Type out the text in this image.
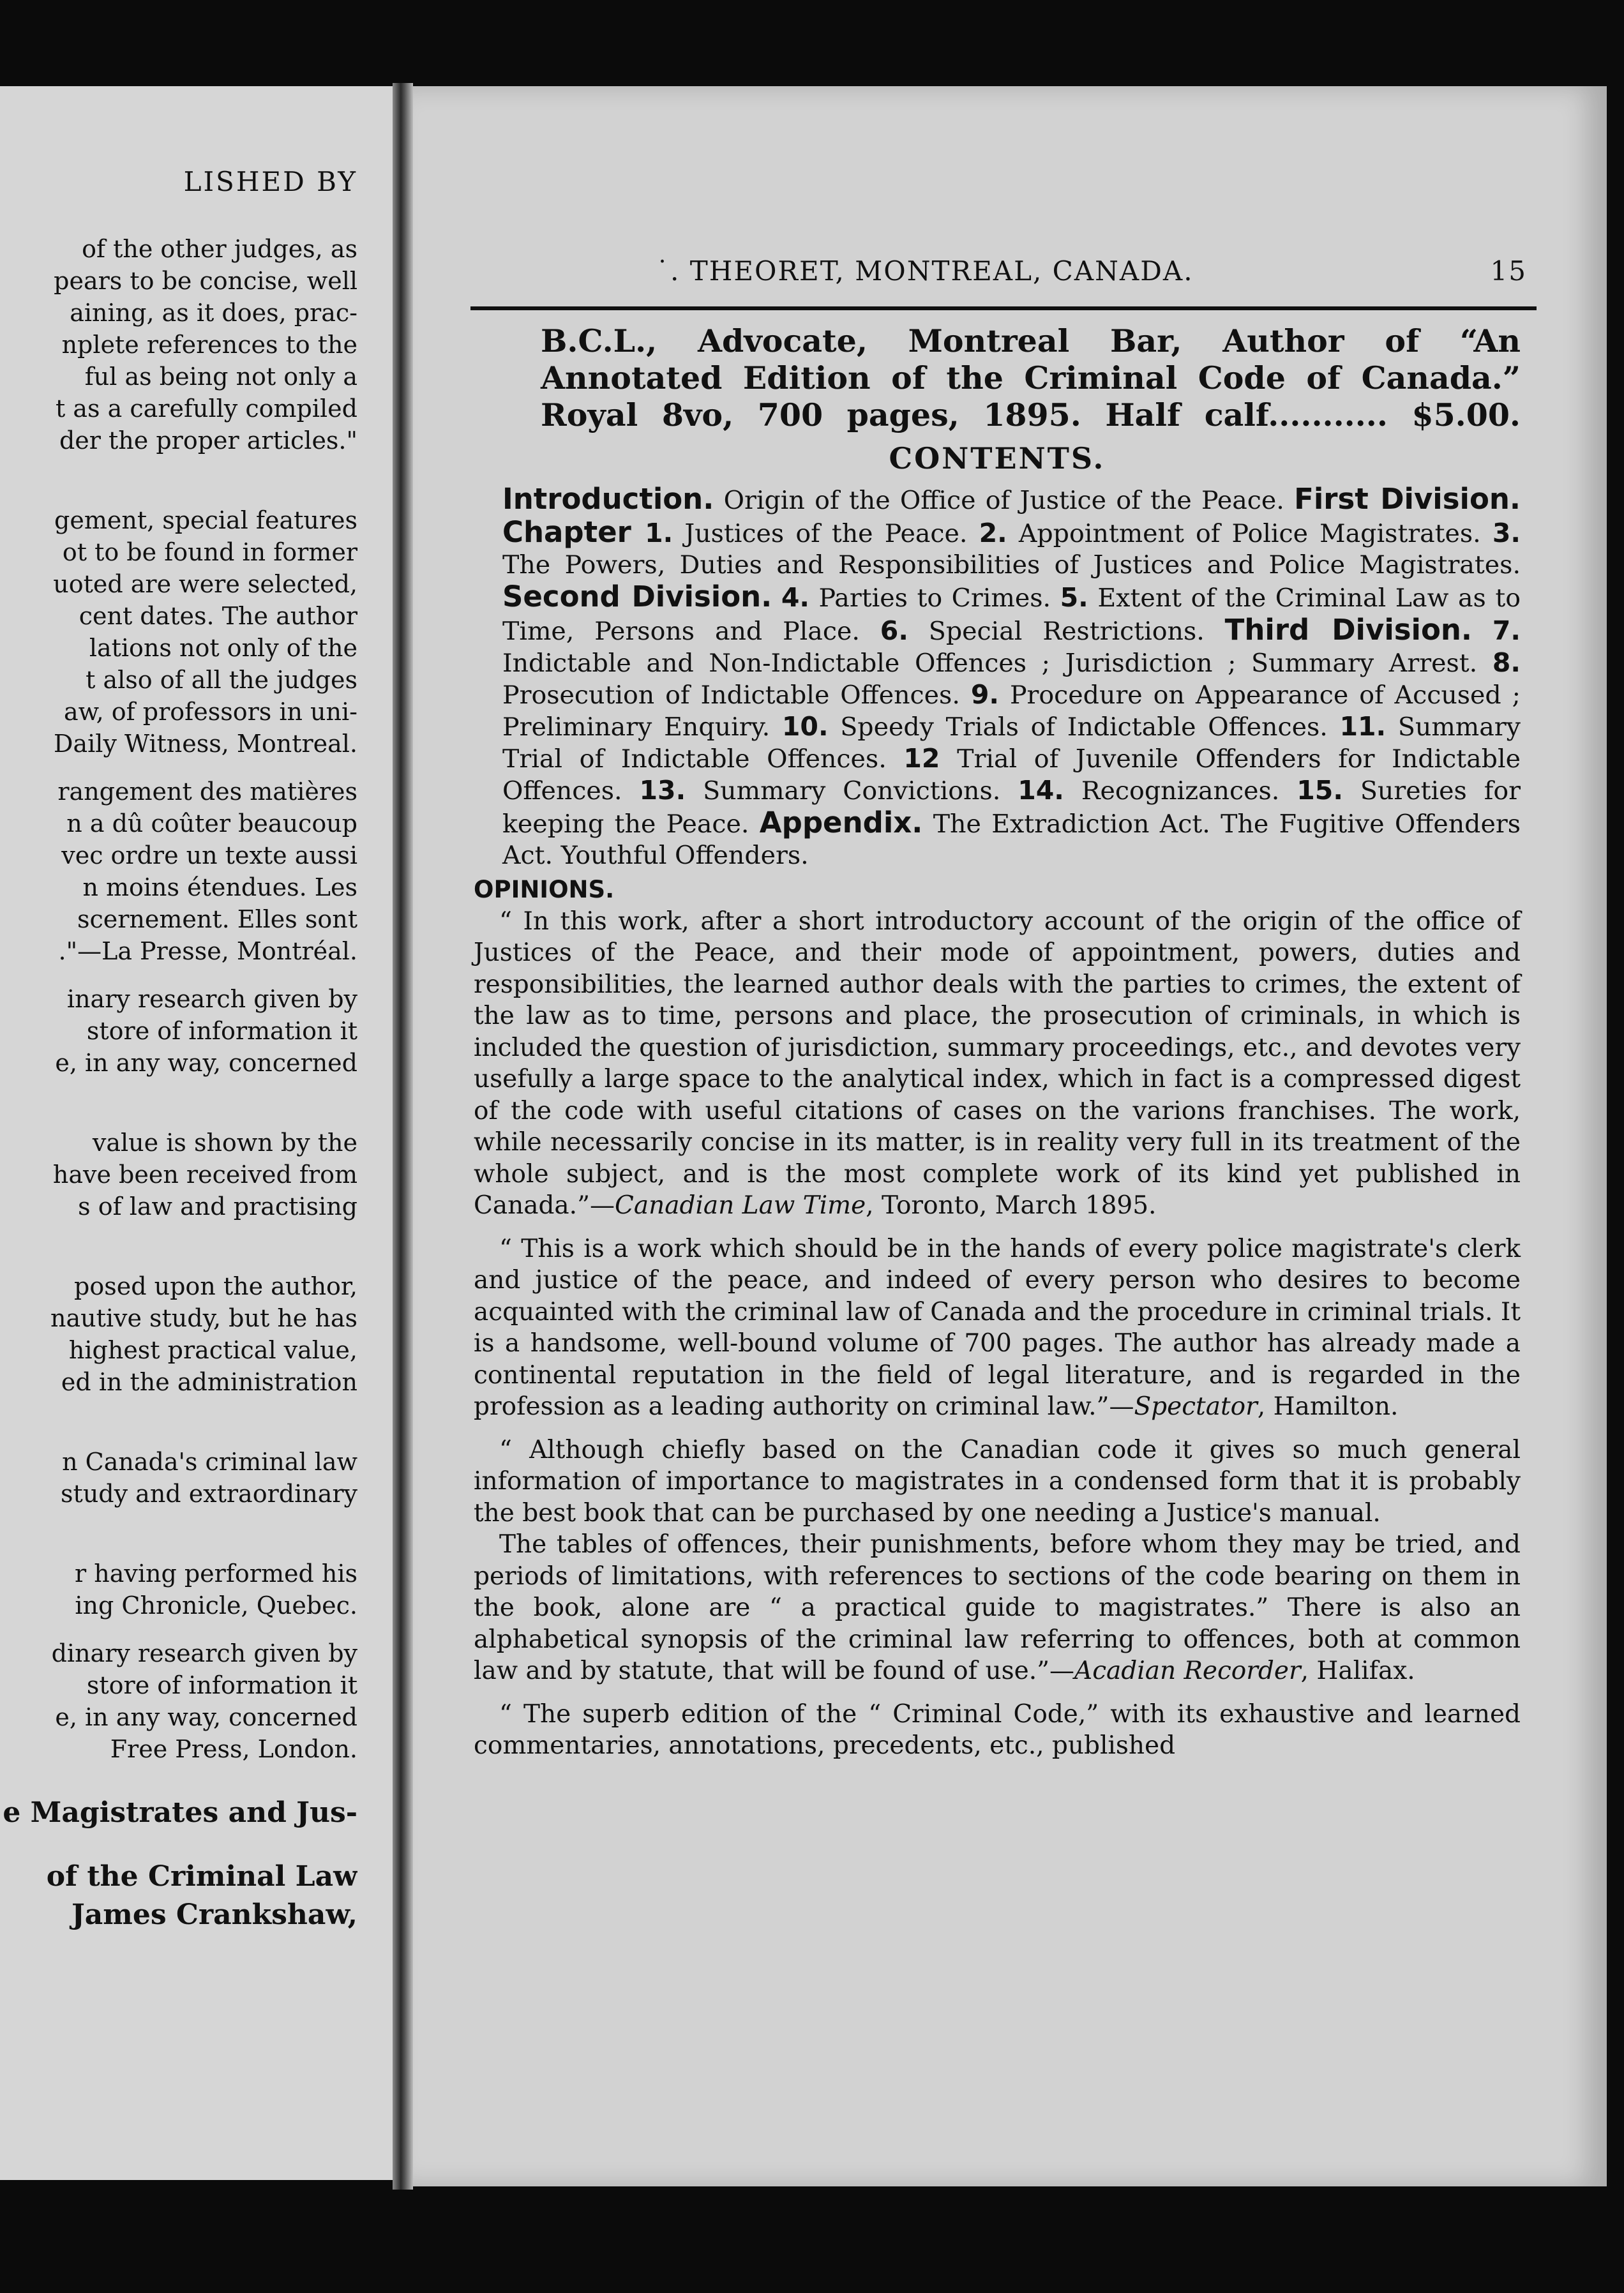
LISHED BY
of the other judges, as
pears to be concise, well
aining, as it does, prac-
nplete references to the
ful as being not only a
t as a carefully compiled
der the proper articles."
gement, special features
ot to be found in former
uoted are were selected,
cent dates. The author
lations not only of the
t also of all the judges
aw, of professors in uni-
Daily Witness, Montreal.
rangement des matières
n a dû coûter beaucoup
vec ordre un texte aussi
n moins étendues. Les
scernement. Elles sont
."—La Presse, Montréal.
inary research given by
store of information it
e, in any way, concerned
value is shown by the
have been received from
s of law and practising
posed upon the author,
nautive study, but he has
highest practical value,
ed in the administration
n Canada's criminal law
study and extraordinary
r having performed his
ing Chronicle, Quebec.
dinary research given by
store of information it
e, in any way, concerned
Free Press, London.
e Magistrates and Jus-
of the Criminal Law
James Crankshaw,
˙. THEORET, MONTREAL, CANADA.	15
B.C.L., Advocate, Montreal Bar, Author of “An
Annotated Edition of the Criminal Code of Canada.”
Royal 8vo, 700 pages, 1895. Half calf........... $5.00.
CONTENTS.
Introduction. Origin of the Office of Justice of the Peace. First Division. Chapter 1. Justices of the Peace. 2. Appointment of Police Magistrates. 3. The Powers, Duties and Responsibilities of Justices and Police Magistrates. Second Division. 4. Parties to Crimes. 5. Extent of the Criminal Law as to Time, Persons and Place. 6. Special Restrictions. Third Division. 7. Indictable and Non-Indictable Offences ; Jurisdiction ; Summary Arrest. 8. Prosecution of Indictable Offences. 9. Procedure on Appearance of Accused ; Preliminary Enquiry. 10. Speedy Trials of Indictable Offences. 11. Summary Trial of Indictable Offences. 12 Trial of Juvenile Offenders for Indictable Offences. 13. Summary Convictions. 14. Recognizances. 15. Sureties for keeping the Peace. Appendix. The Extradiction Act. The Fugitive Offenders Act. Youthful Offenders.
OPINIONS.

“ In this work, after a short introductory account of the origin of the office of Justices of the Peace, and their mode of appointment, powers, duties and responsibilities, the learned author deals with the parties to crimes, the extent of the law as to time, persons and place, the prosecution of criminals, in which is included the question of jurisdiction, summary proceedings, etc., and devotes very usefully a large space to the analytical index, which in fact is a compressed digest of the code with useful citations of cases on the varions franchises. The work, while necessarily concise in its matter, is in reality very full in its treatment of the whole subject, and is the most complete work of its kind yet published in Canada.”—Canadian Law Time, Toronto, March 1895.

“ This is a work which should be in the hands of every police magistrate's clerk and justice of the peace, and indeed of every person who desires to become acquainted with the criminal law of Canada and the procedure in criminal trials. It is a handsome, well-bound volume of 700 pages. The author has already made a continental reputation in the field of legal literature, and is regarded in the profession as a leading authority on criminal law.”—Spectator, Hamilton.

“ Although chiefly based on the Canadian code it gives so much general information of importance to magistrates in a condensed form that it is probably the best book that can be purchased by one needing a Justice's manual.

The tables of offences, their punishments, before whom they may be tried, and periods of limitations, with references to sections of the code bearing on them in the book, alone are “ a practical guide to magistrates.” There is also an alphabetical synopsis of the criminal law referring to offences, both at common law and by statute, that will be found of use.”—Acadian Recorder, Halifax.

“ The superb edition of the “ Criminal Code,” with its exhaustive and learned commentaries, annotations, precedents, etc., published
